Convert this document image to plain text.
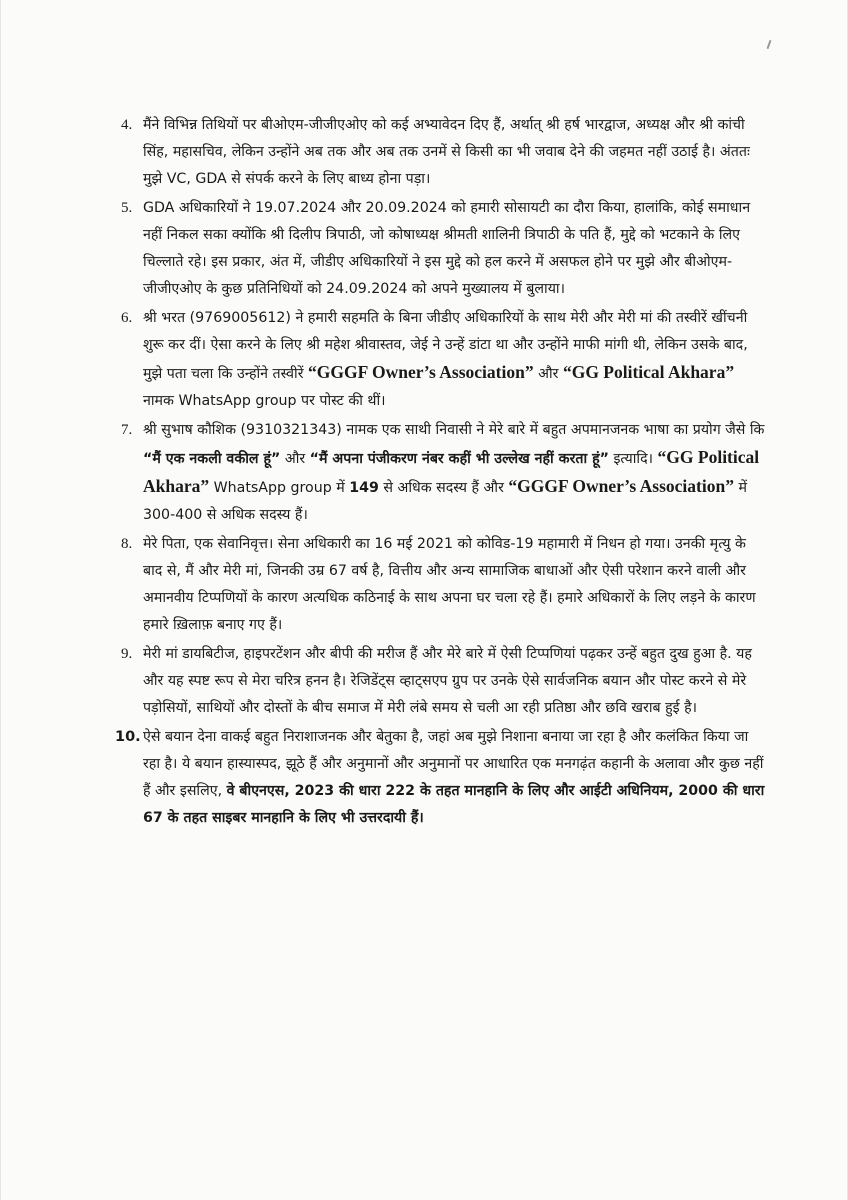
4. मैंने विभिन्न तिथियों पर बीओएम-जीजीएओए को कई अभ्यावेदन दिए हैं, अर्थात् श्री हर्ष भारद्वाज, अध्यक्ष और श्री कांची सिंह, महासचिव, लेकिन उन्होंने अब तक और अब तक उनमें से किसी का भी जवाब देने की जहमत नहीं उठाई है। अंततः मुझे VC, GDA से संपर्क करने के लिए बाध्य होना पड़ा।

5. GDA अधिकारियों ने 19.07.2024 और 20.09.2024 को हमारी सोसायटी का दौरा किया, हालांकि, कोई समाधान नहीं निकल सका क्योंकि श्री दिलीप त्रिपाठी, जो कोषाध्यक्ष श्रीमती शालिनी त्रिपाठी के पति हैं, मुद्दे को भटकाने के लिए चिल्लाते रहे। इस प्रकार, अंत में, जीडीए अधिकारियों ने इस मुद्दे को हल करने में असफल होने पर मुझे और बीओएम-जीजीएओए के कुछ प्रतिनिधियों को 24.09.2024 को अपने मुख्यालय में बुलाया।

6. श्री भरत (9769005612) ने हमारी सहमति के बिना जीडीए अधिकारियों के साथ मेरी और मेरी मां की तस्वीरें खींचनी शुरू कर दीं। ऐसा करने के लिए श्री महेश श्रीवास्तव, जेई ने उन्हें डांटा था और उन्होंने माफी मांगी थी, लेकिन उसके बाद, मुझे पता चला कि उन्होंने तस्वीरें “GGGF Owner’s Association” और “GG Political Akhara” नामक WhatsApp group पर पोस्ट की थीं।

7. श्री सुभाष कौशिक (9310321343) नामक एक साथी निवासी ने मेरे बारे में बहुत अपमानजनक भाषा का प्रयोग जैसे कि “मैं एक नकली वकील हूं” और “मैं अपना पंजीकरण नंबर कहीं भी उल्लेख नहीं करता हूं” इत्यादि। “GG Political Akhara” WhatsApp group में 149 से अधिक सदस्य हैं और “GGGF Owner’s Association” में 300-400 से अधिक सदस्य हैं।

8. मेरे पिता, एक सेवानिवृत्त। सेना अधिकारी का 16 मई 2021 को कोविड-19 महामारी में निधन हो गया। उनकी मृत्यु के बाद से, मैं और मेरी मां, जिनकी उम्र 67 वर्ष है, वित्तीय और अन्य सामाजिक बाधाओं और ऐसी परेशान करने वाली और अमानवीय टिप्पणियों के कारण अत्यधिक कठिनाई के साथ अपना घर चला रहे हैं। हमारे अधिकारों के लिए लड़ने के कारण हमारे ख़िलाफ़ बनाए गए हैं।

9. मेरी मां डायबिटीज, हाइपरटेंशन और बीपी की मरीज हैं और मेरे बारे में ऐसी टिप्पणियां पढ़कर उन्हें बहुत दुख हुआ है. यह और यह स्पष्ट रूप से मेरा चरित्र हनन है। रेजिडेंट्स व्हाट्सएप ग्रुप पर उनके ऐसे सार्वजनिक बयान और पोस्ट करने से मेरे पड़ोसियों, साथियों और दोस्तों के बीच समाज में मेरी लंबे समय से चली आ रही प्रतिष्ठा और छवि खराब हुई है।

10. ऐसे बयान देना वाकई बहुत निराशाजनक और बेतुका है, जहां अब मुझे निशाना बनाया जा रहा है और कलंकित किया जा रहा है। ये बयान हास्यास्पद, झूठे हैं और अनुमानों और अनुमानों पर आधारित एक मनगढ़ंत कहानी के अलावा और कुछ नहीं हैं और इसलिए, वे बीएनएस, 2023 की धारा 222 के तहत मानहानि के लिए और आईटी अधिनियम, 2000 की धारा 67 के तहत साइबर मानहानि के लिए भी उत्तरदायी हैं।
